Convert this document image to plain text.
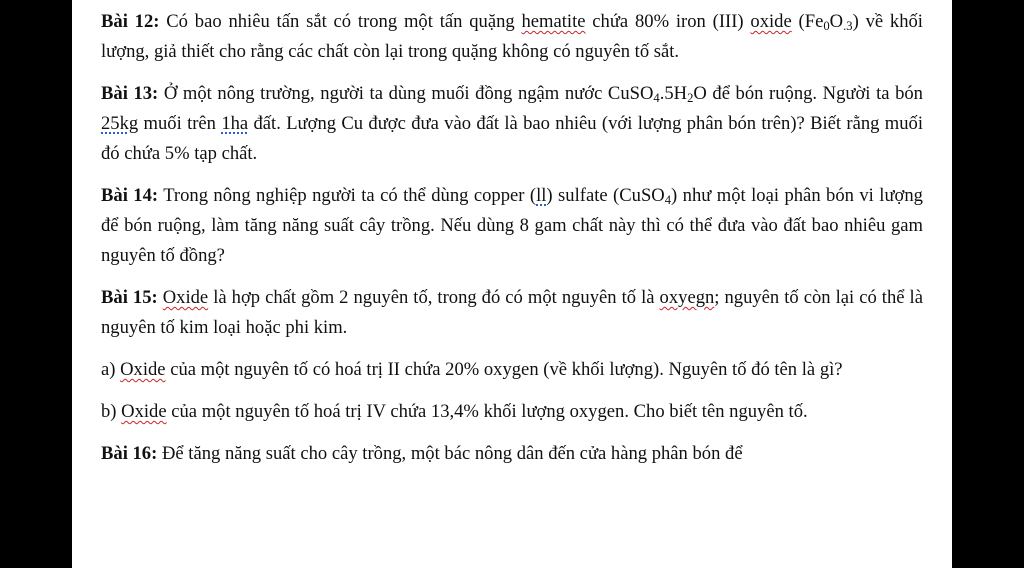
Bài 12: Có bao nhiêu tấn sắt có trong một tấn quặng hematite chứa 80% iron (III) oxide $(Fe_0O_{.3})$ về khối lượng, giả thiết cho rằng các chất còn lại trong quặng không có nguyên tố sắt.

Bài 13: Ở một nông trường, người ta dùng muối đồng ngậm nước $CuSO_4.5H_2O$ để bón ruộng. Người ta bón 25kg muối trên 1ha đất. Lượng Cu được đưa vào đất là bao nhiêu (với lượng phân bón trên)? Biết rằng muối đó chứa 5% tạp chất.

Bài 14: Trong nông nghiệp người ta có thể dùng copper (ll) sulfate (CuSO$_4$) như một loại phân bón vi lượng để bón ruộng, làm tăng năng suất cây trồng. Nếu dùng 8 gam chất này thì có thể đưa vào đất bao nhiêu gam nguyên tố đồng?

Bài 15: Oxide là hợp chất gồm 2 nguyên tố, trong đó có một nguyên tố là oxyegn; nguyên tố còn lại có thể là nguyên tố kim loại hoặc phi kim.

a) Oxide của một nguyên tố có hoá trị II chứa 20% oxygen (về khối lượng). Nguyên tố đó tên là gì?

b) Oxide của một nguyên tố hoá trị IV chứa 13,4% khối lượng oxygen. Cho biết tên nguyên tố.

Bài 16: Để tăng năng suất cho cây trồng, một bác nông dân đến cửa hàng phân bón để
